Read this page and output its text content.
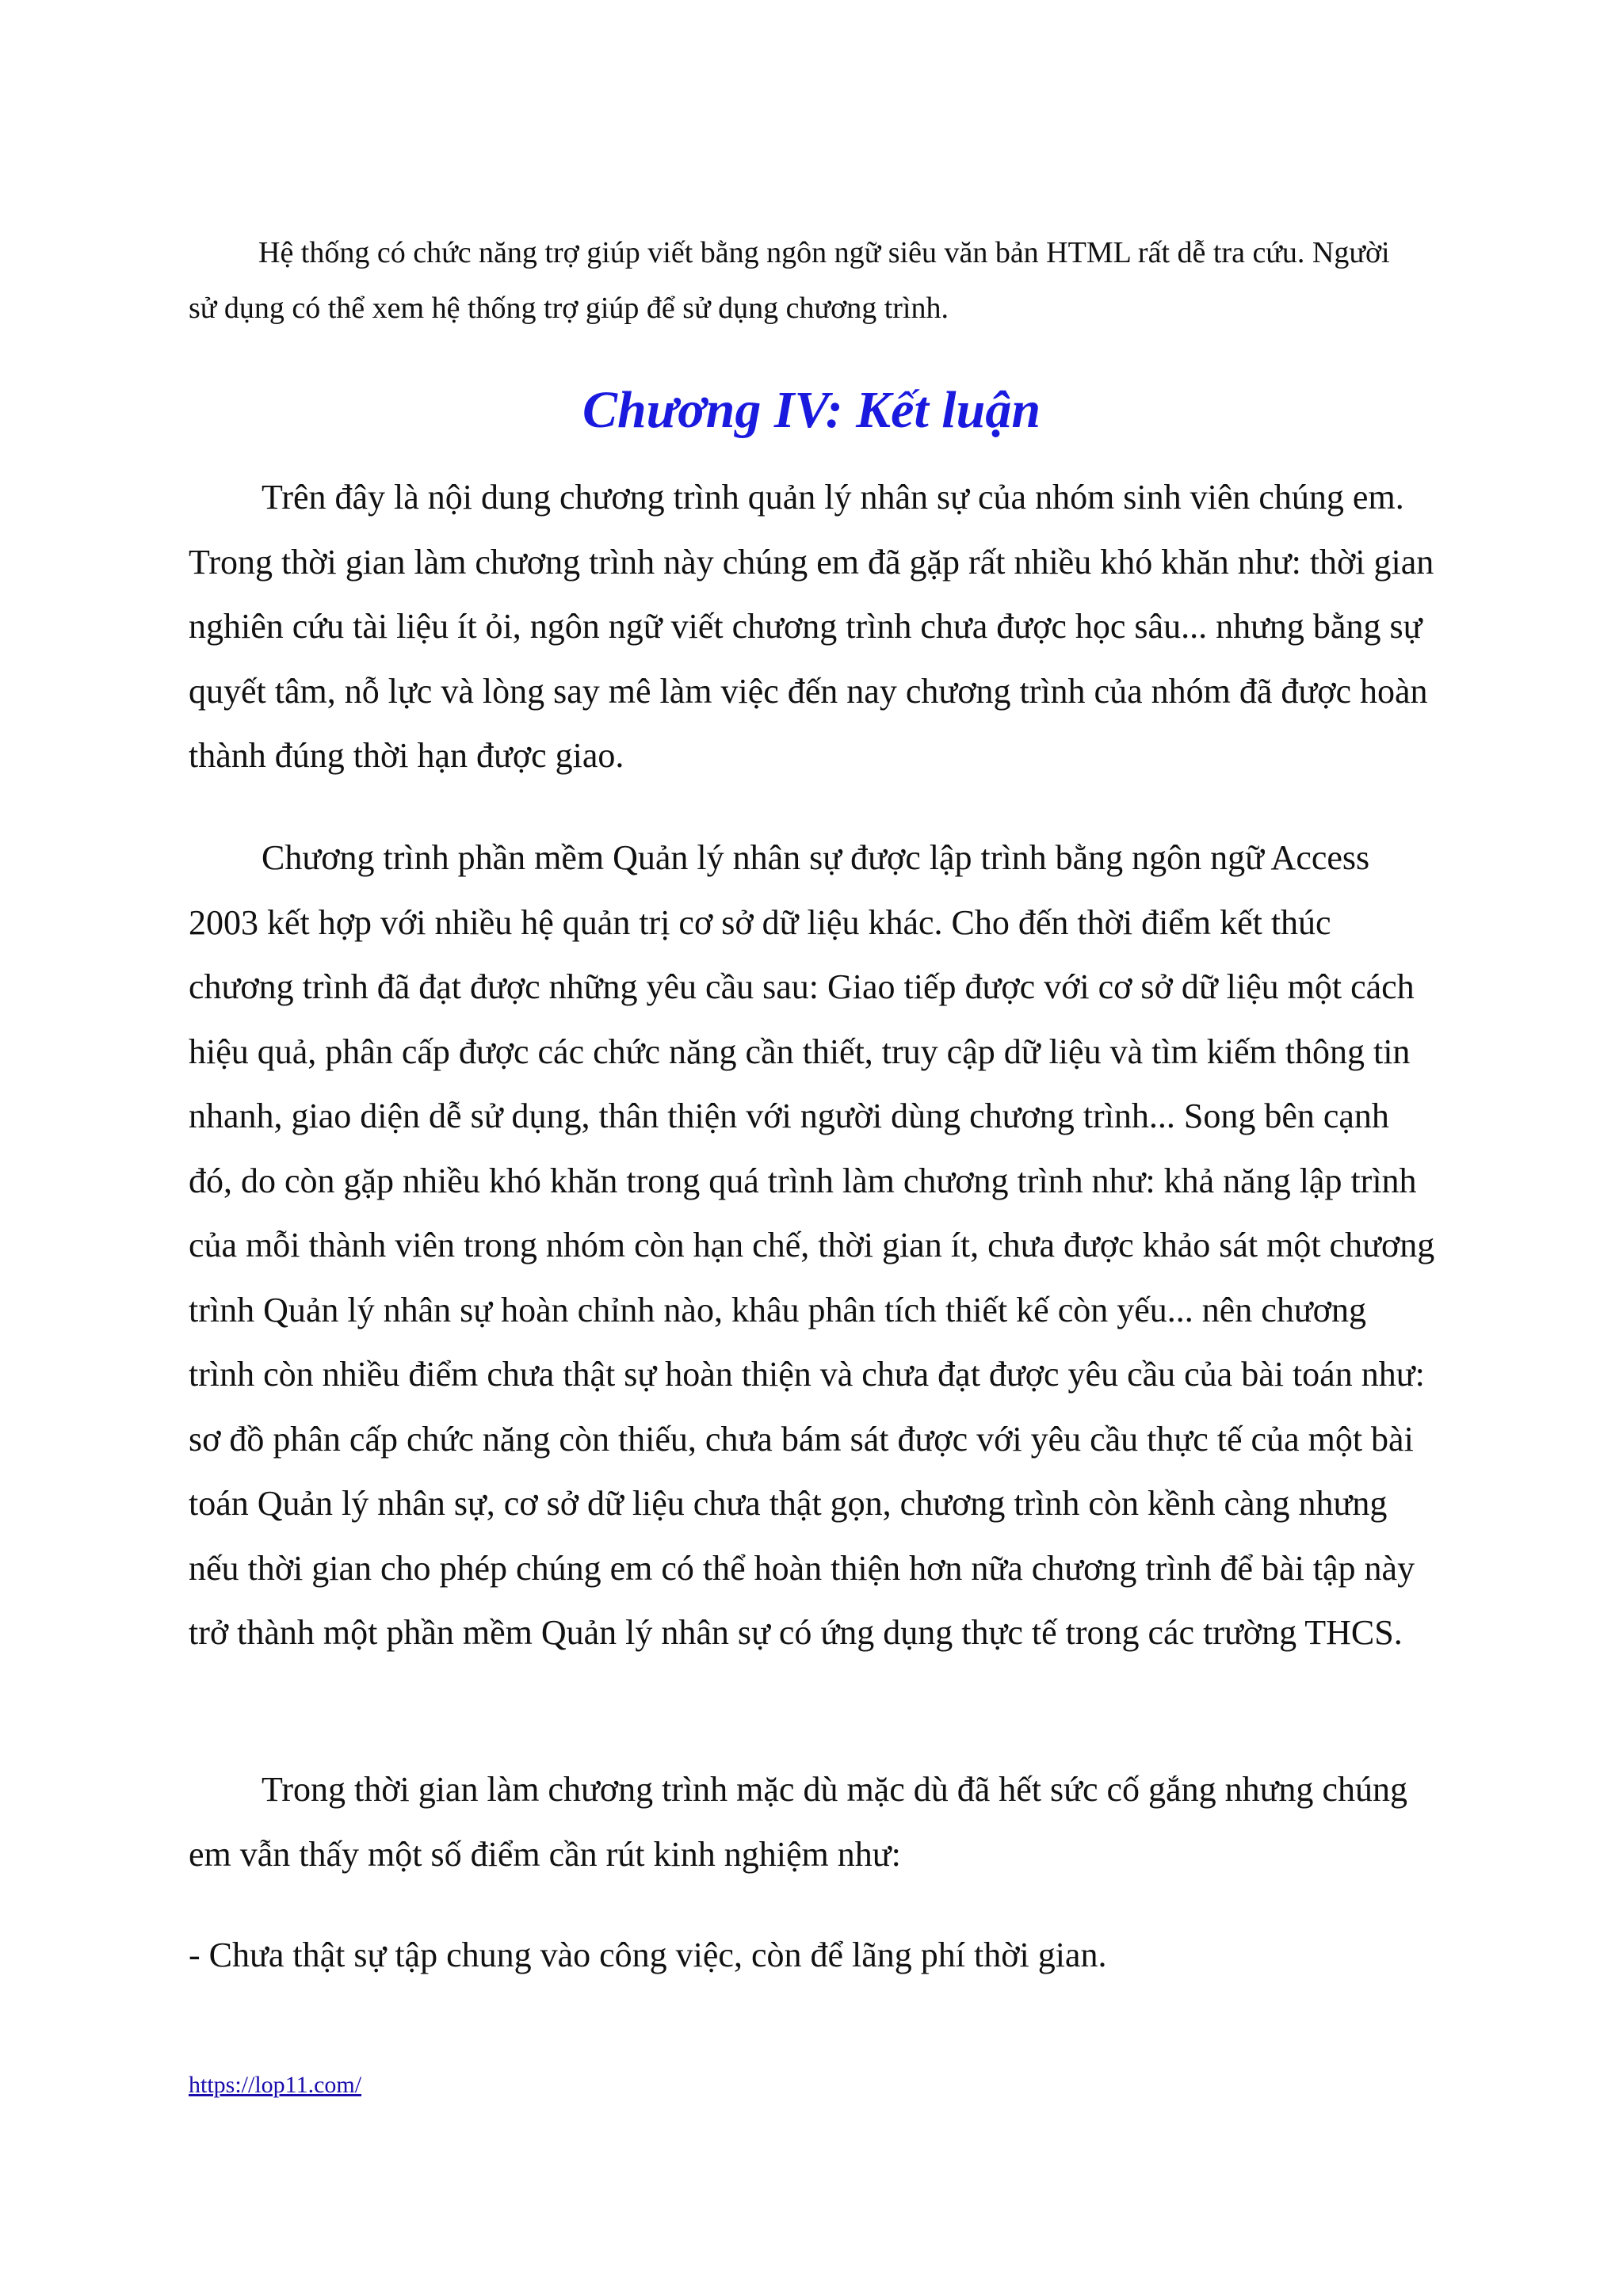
Hệ thống có chức năng trợ giúp viết bằng ngôn ngữ siêu văn bản HTML rất dễ tra cứu. Người sử dụng có thể xem hệ thống trợ giúp để sử dụng chương trình.

Chương IV: Kết luận

Trên đây là nội dung chương trình quản lý nhân sự của nhóm sinh viên chúng em. Trong thời gian làm chương trình này chúng em đã gặp rất nhiều khó khăn như: thời gian nghiên cứu tài liệu ít ỏi, ngôn ngữ viết chương trình chưa được học sâu... nhưng bằng sự quyết tâm, nỗ lực và lòng say mê làm việc đến nay chương trình của nhóm đã được hoàn thành đúng thời hạn được giao.

Chương trình phần mềm Quản lý nhân sự được lập trình bằng ngôn ngữ Access 2003 kết hợp với nhiều hệ quản trị cơ sở dữ liệu khác. Cho đến thời điểm kết thúc chương trình đã đạt được những yêu cầu sau: Giao tiếp được với cơ sở dữ liệu một cách hiệu quả, phân cấp được các chức năng cần thiết, truy cập dữ liệu và tìm kiếm thông tin nhanh, giao diện dễ sử dụng, thân thiện với người dùng chương trình... Song bên cạnh đó, do còn gặp nhiều khó khăn trong quá trình làm chương trình như: khả năng lập trình của mỗi thành viên trong nhóm còn hạn chế, thời gian ít, chưa được khảo sát một chương trình Quản lý nhân sự hoàn chỉnh nào, khâu phân tích thiết kế còn yếu... nên chương trình còn nhiều điểm chưa thật sự hoàn thiện và chưa đạt được yêu cầu của bài toán như: sơ đồ phân cấp chức năng còn thiếu, chưa bám sát được với yêu cầu thực tế của một bài toán Quản lý nhân sự, cơ sở dữ liệu chưa thật gọn, chương trình còn kềnh càng nhưng nếu thời gian cho phép chúng em có thể hoàn thiện hơn nữa chương trình để bài tập này trở thành một phần mềm Quản lý nhân sự có ứng dụng thực tế trong các trường THCS.

Trong thời gian làm chương trình mặc dù mặc dù đã hết sức cố gắng nhưng chúng em vẫn thấy một số điểm cần rút kinh nghiệm như:

- Chưa thật sự tập chung vào công việc, còn để lãng phí thời gian.

https://lop11.com/
